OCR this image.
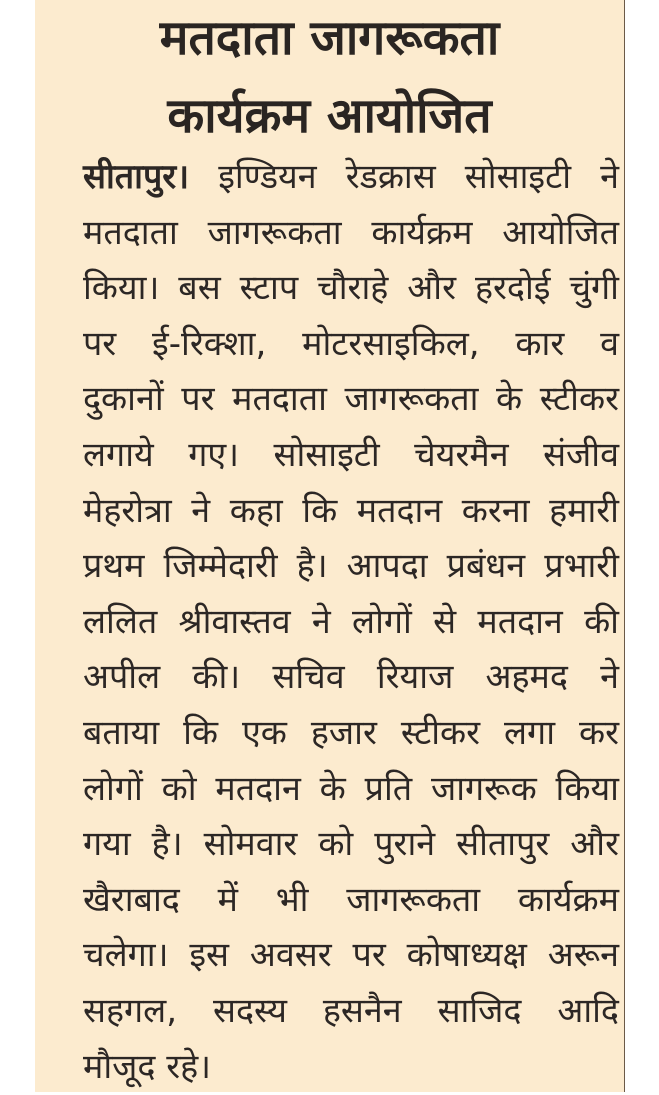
मतदाता जागरूकता
कार्यक्रम आयोजित
सीतापुर। इण्डियन रेडक्रास सोसाइटी ने
मतदाता जागरूकता कार्यक्रम आयोजित
किया। बस स्टाप चौराहे और हरदोई चुंगी
पर ई-रिक्शा, मोटरसाइकिल, कार व
दुकानों पर मतदाता जागरूकता के स्टीकर
लगाये गए। सोसाइटी चेयरमैन संजीव
मेहरोत्रा ने कहा कि मतदान करना हमारी
प्रथम जिम्मेदारी है। आपदा प्रबंधन प्रभारी
ललित श्रीवास्तव ने लोगों से मतदान की
अपील की। सचिव रियाज अहमद ने
बताया कि एक हजार स्टीकर लगा कर
लोगों को मतदान के प्रति जागरूक किया
गया है। सोमवार को पुराने सीतापुर और
खैराबाद में भी जागरूकता कार्यक्रम
चलेगा। इस अवसर पर कोषाध्यक्ष अरून
सहगल, सदस्य हसनैन साजिद आदि
मौजूद रहे।
